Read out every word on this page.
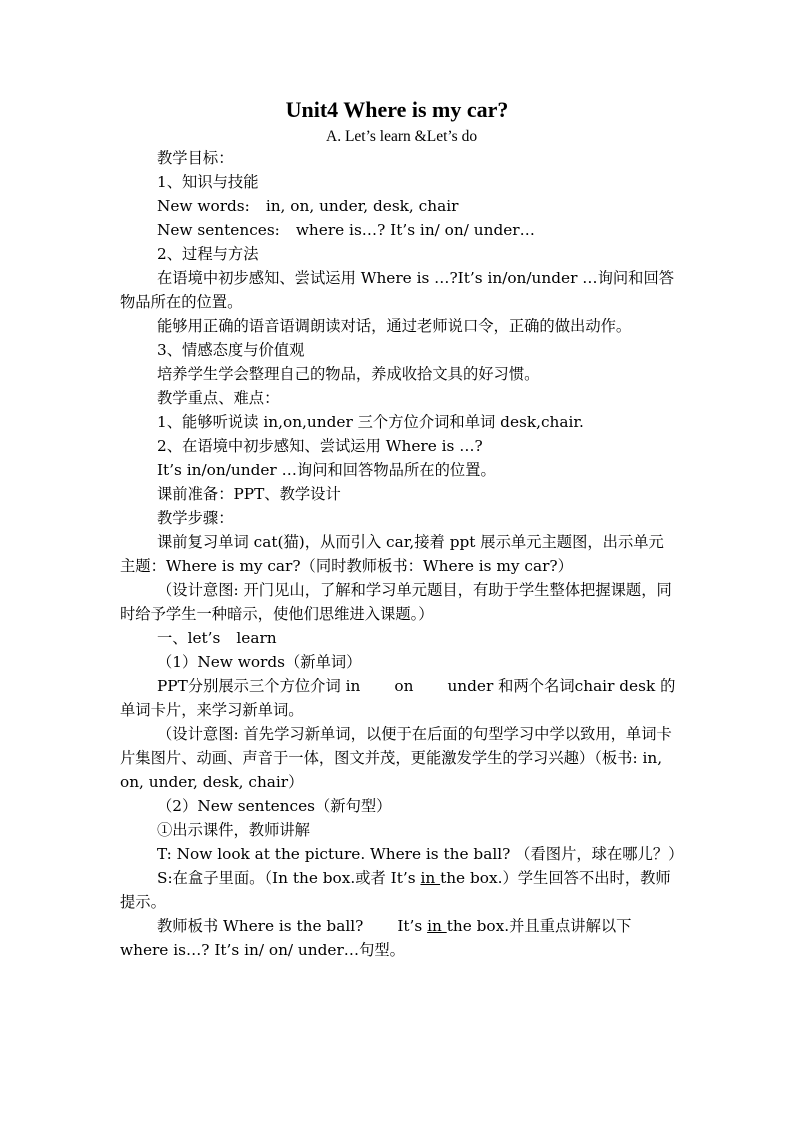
Unit4 Where is my car?
A. Let’s learn &Let’s do

教学目标：

1、知识与技能

New words: in, on, under, desk, chair

New sentences: where is…? It’s in/ on/ under…

2、过程与方法

在语境中初步感知、尝试运用 Where is …?It’s in/on/under …询问和回答物品所在的位置。

能够用正确的语音语调朗读对话，通过老师说口令，正确的做出动作。

3、情感态度与价值观

培养学生学会整理自己的物品，养成收拾文具的好习惯。

教学重点、难点：

1、能够听说读 in,on,under 三个方位介词和单词 desk,chair.

2、在语境中初步感知、尝试运用 Where is …?

It’s in/on/under …询问和回答物品所在的位置。

课前准备：PPT、教学设计

教学步骤：

课前复习单词 cat(猫)，从而引入 car,接着 ppt 展示单元主题图，出示单元主题：Where is my car?（同时教师板书：Where is my car?）

（设计意图: 开门见山，了解和学习单元题目，有助于学生整体把握课题，同时给予学生一种暗示，使他们思维进入课题。）

一、let’s learn

（1）New words（新单词）

PPT分别展示三个方位介词 in on under 和两个名词chair desk 的单词卡片，来学习新单词。

（设计意图: 首先学习新单词，以便于在后面的句型学习中学以致用，单词卡片集图片、动画、声音于一体，图文并茂，更能激发学生的学习兴趣）（板书: in, on, under, desk, chair）

（2）New sentences（新句型）

①出示课件，教师讲解

T: Now look at the picture. Where is the ball? （看图片，球在哪儿？）

S:在盒子里面。（In the box.或者 It’s in the box.）学生回答不出时，教师提示。

教师板书 Where is the ball? It’s in the box.并且重点讲解以下 where is…? It’s in/ on/ under…句型。
